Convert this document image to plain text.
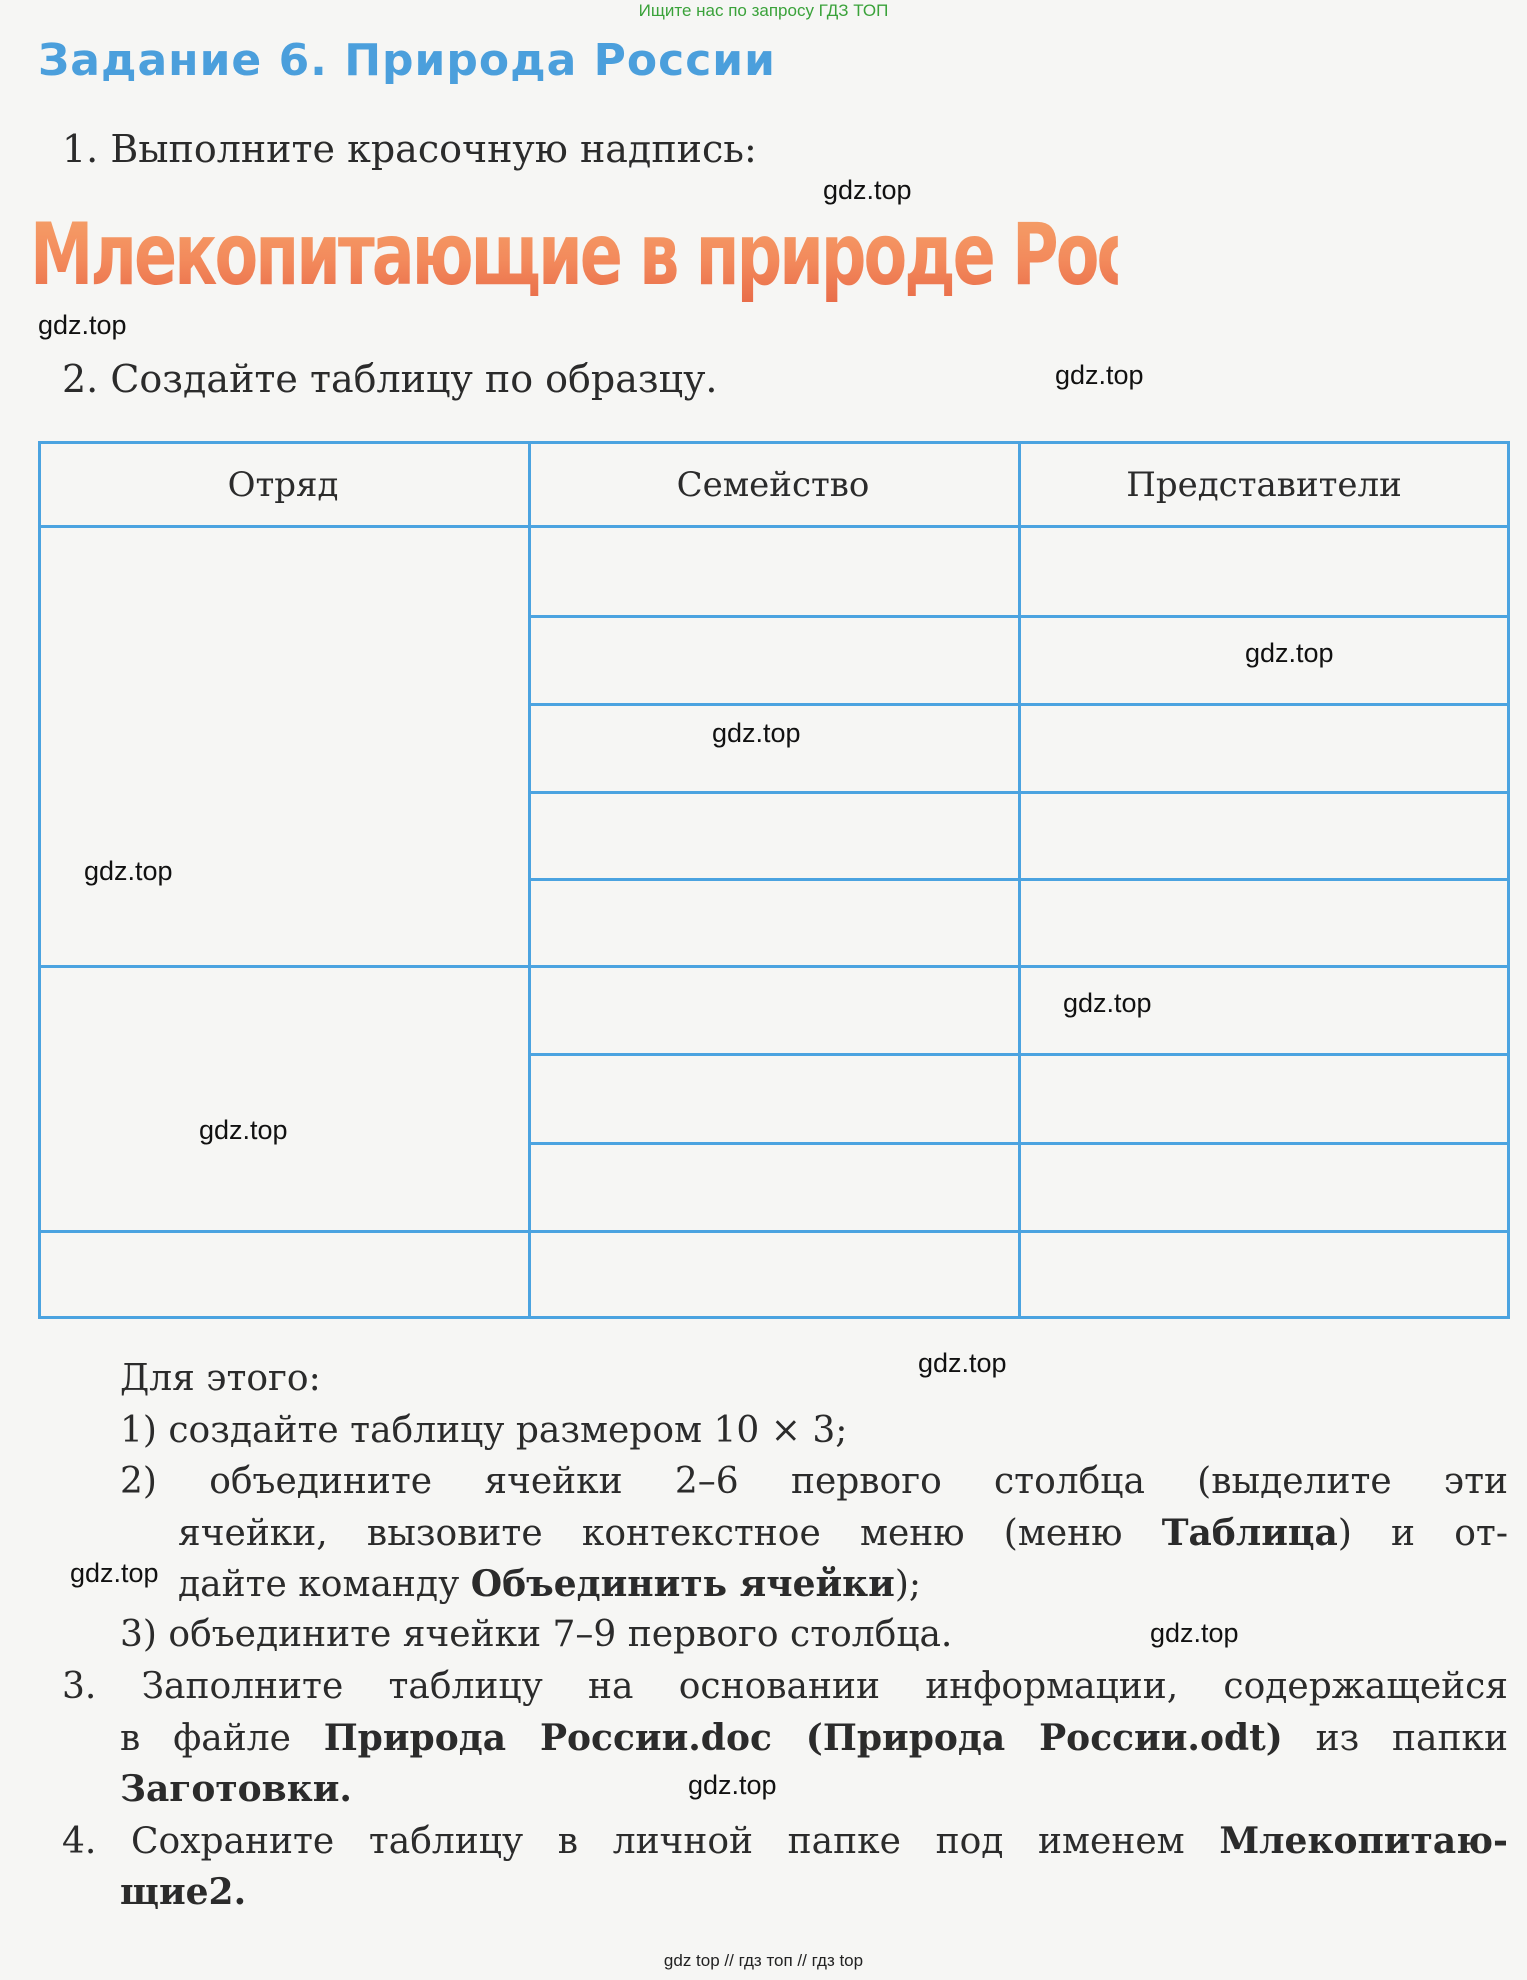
Ищите нас по запросу ГДЗ ТОП
Задание 6. Природа России
1. Выполните красочную надпись:
Млекопитающие в природе России
2. Создайте таблицу по образцу.
Отряд	Семейство	Представители
Для этого:
1) создайте таблицу размером 10 × 3;
2) объедините ячейки 2–6 первого столбца (выделите эти
ячейки, вызовите контекстное меню (меню Таблица) и от-
дайте команду Объединить ячейки);
3) объедините ячейки 7–9 первого столбца.
3. Заполните таблицу на основании информации, содержащейся
в файле Природа России.doc (Природа России.odt) из папки
Заготовки.
4. Сохраните таблицу в личной папке под именем Млекопитаю-
щие2.
gdz.top
gdz.top
gdz.top
gdz.top
gdz.top
gdz.top
gdz.top
gdz.top
gdz.top
gdz.top
gdz.top
gdz.top
gdz top // гдз топ // гдз top
